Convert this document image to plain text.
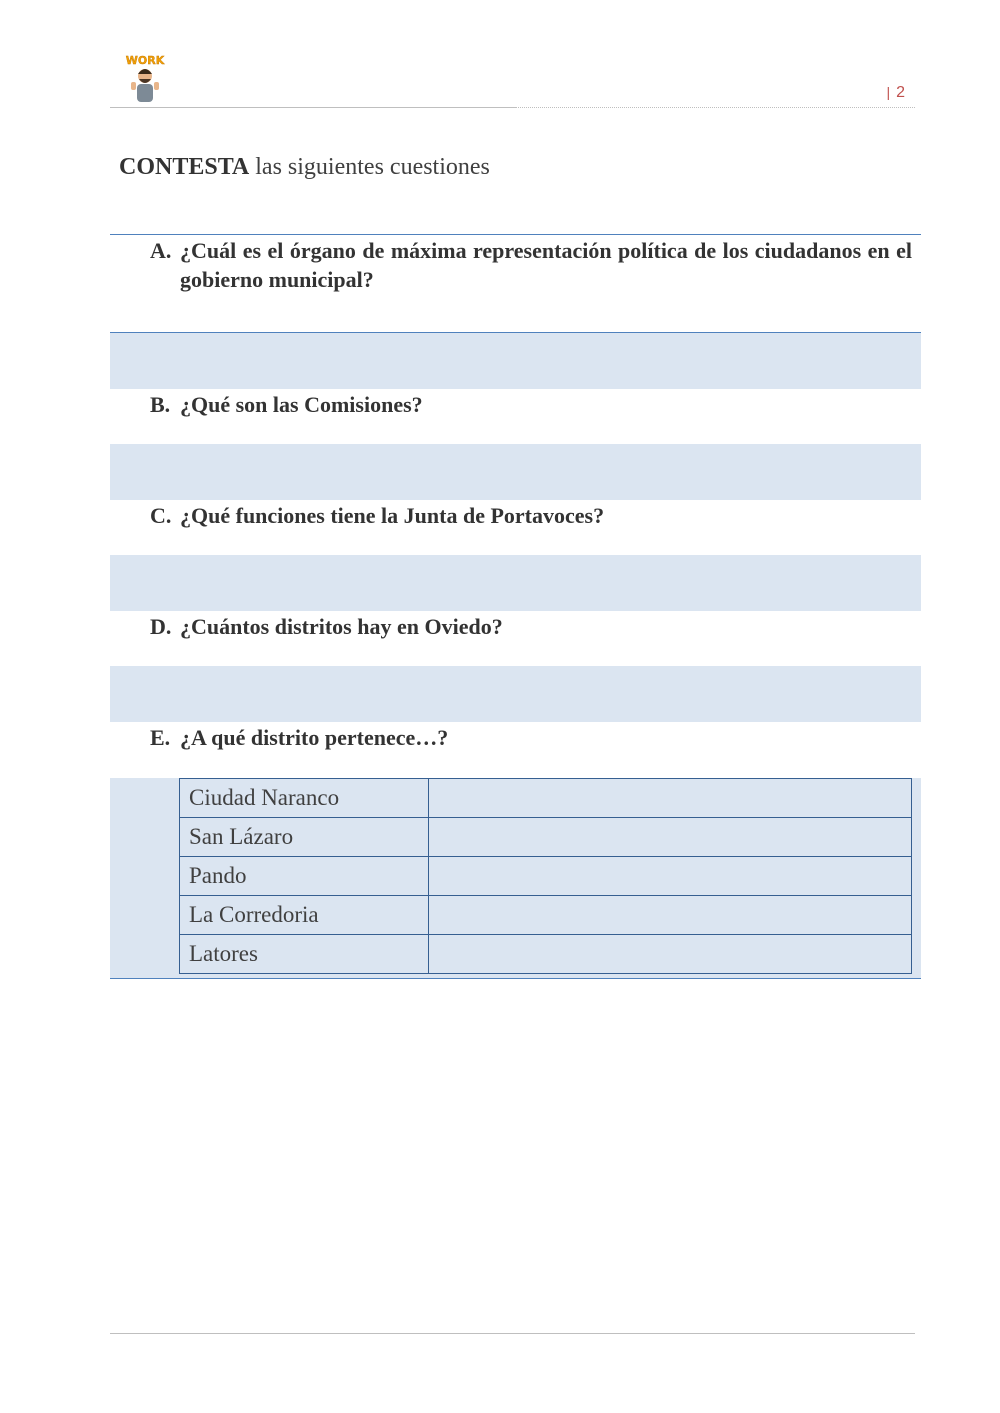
WORK
| 2
CONTESTA las siguientes cuestiones
A. ¿Cuál es el órgano de máxima representación política de los ciudadanos en el gobierno municipal?
B. ¿Qué son las Comisiones?
C. ¿Qué funciones tiene la Junta de Portavoces?
D. ¿Cuántos distritos hay en Oviedo?
E. ¿A qué distrito pertenece…?
Ciudad Naranco	
San Lázaro	
Pando	
La Corredoria	
Latores	
